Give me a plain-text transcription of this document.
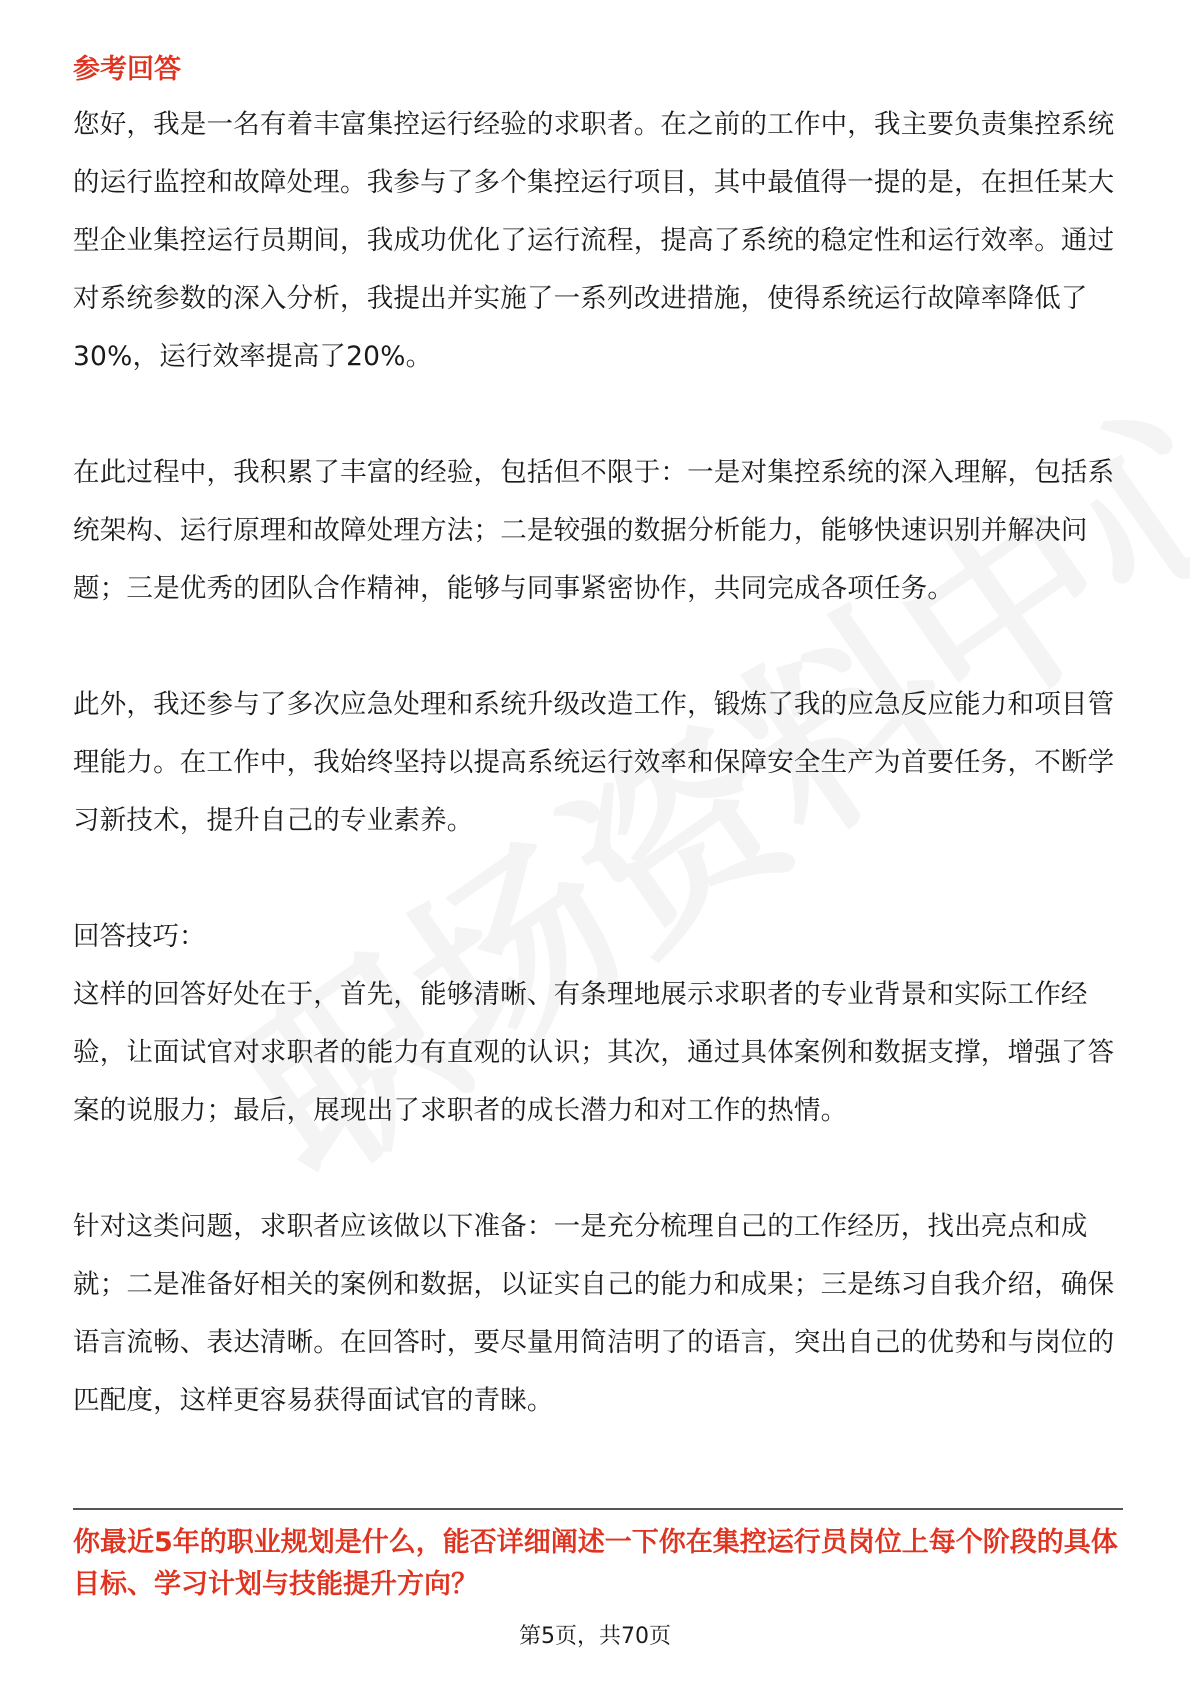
参考回答

您好，我是一名有着丰富集控运行经验的求职者。在之前的工作中，我主要负责集控系统的运行监控和故障处理。我参与了多个集控运行项目，其中最值得一提的是，在担任某大型企业集控运行员期间，我成功优化了运行流程，提高了系统的稳定性和运行效率。通过对系统参数的深入分析，我提出并实施了一系列改进措施，使得系统运行故障率降低了30%，运行效率提高了20%。

在此过程中，我积累了丰富的经验，包括但不限于：一是对集控系统的深入理解，包括系统架构、运行原理和故障处理方法；二是较强的数据分析能力，能够快速识别并解决问题；三是优秀的团队合作精神，能够与同事紧密协作，共同完成各项任务。

此外，我还参与了多次应急处理和系统升级改造工作，锻炼了我的应急反应能力和项目管理能力。在工作中，我始终坚持以提高系统运行效率和保障安全生产为首要任务，不断学习新技术，提升自己的专业素养。

回答技巧：

这样的回答好处在于，首先，能够清晰、有条理地展示求职者的专业背景和实际工作经验，让面试官对求职者的能力有直观的认识；其次，通过具体案例和数据支撑，增强了答案的说服力；最后，展现出了求职者的成长潜力和对工作的热情。

针对这类问题，求职者应该做以下准备：一是充分梳理自己的工作经历，找出亮点和成就；二是准备好相关的案例和数据，以证实自己的能力和成果；三是练习自我介绍，确保语言流畅、表达清晰。在回答时，要尽量用简洁明了的语言，突出自己的优势和与岗位的匹配度，这样更容易获得面试官的青睐。

你最近5年的职业规划是什么，能否详细阐述一下你在集控运行员岗位上每个阶段的具体目标、学习计划与技能提升方向？
第5页，共70页
